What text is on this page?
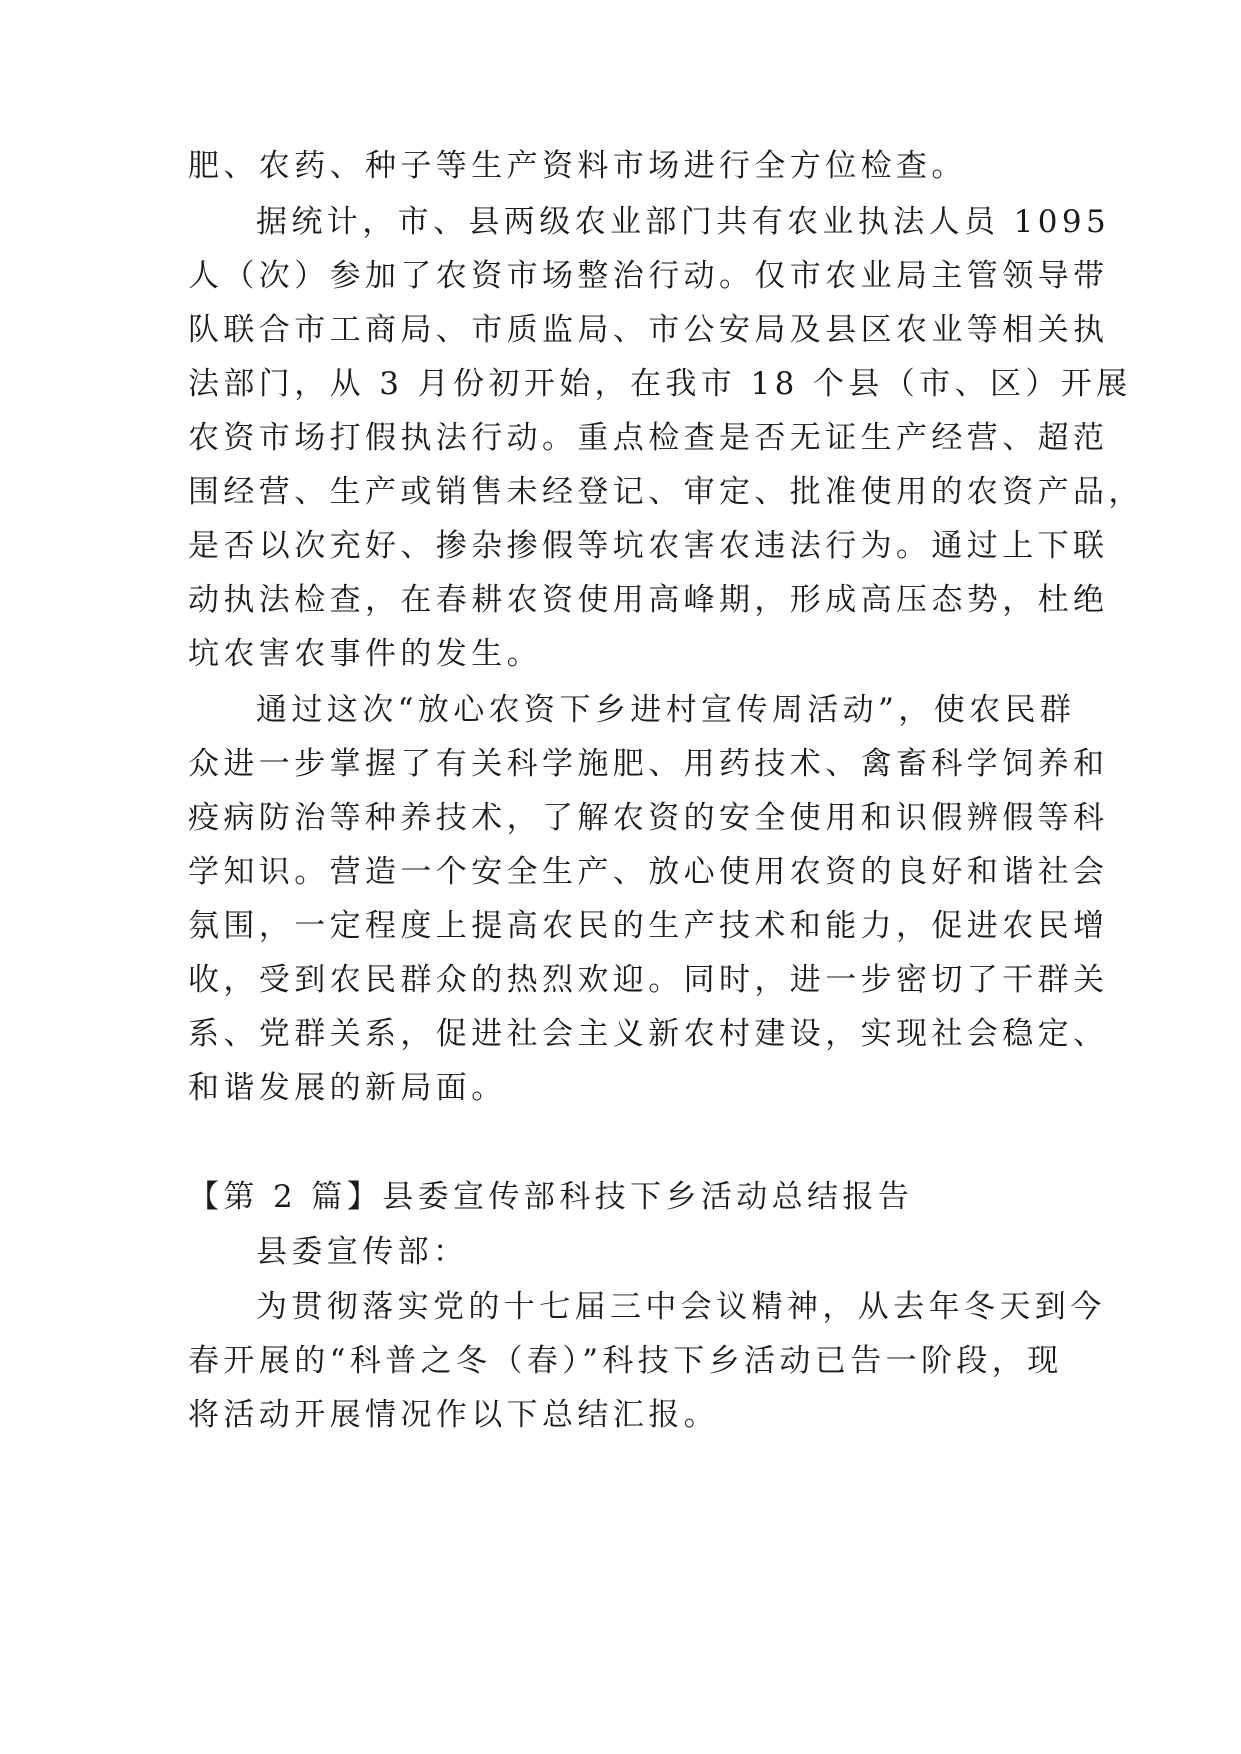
肥、农药、种子等生产资料市场进行全方位检查。
据统计，市、县两级农业部门共有农业执法人员 1095
人（次）参加了农资市场整治行动。仅市农业局主管领导带
队联合市工商局、市质监局、市公安局及县区农业等相关执
法部门，从 3 月份初开始，在我市 18 个县（市、区）开展
农资市场打假执法行动。重点检查是否无证生产经营、超范
围经营、生产或销售未经登记、审定、批准使用的农资产品，
是否以次充好、掺杂掺假等坑农害农违法行为。通过上下联
动执法检查，在春耕农资使用高峰期，形成高压态势，杜绝
坑农害农事件的发生。
通过这次“放心农资下乡进村宣传周活动”，使农民群
众进一步掌握了有关科学施肥、用药技术、禽畜科学饲养和
疫病防治等种养技术，了解农资的安全使用和识假辨假等科
学知识。营造一个安全生产、放心使用农资的良好和谐社会
氛围，一定程度上提高农民的生产技术和能力，促进农民增
收，受到农民群众的热烈欢迎。同时，进一步密切了干群关
系、党群关系，促进社会主义新农村建设，实现社会稳定、
和谐发展的新局面。
【第 2 篇】县委宣传部科技下乡活动总结报告
县委宣传部：
为贯彻落实党的十七届三中会议精神，从去年冬天到今
春开展的“科普之冬（春）”科技下乡活动已告一阶段，现
将活动开展情况作以下总结汇报。
